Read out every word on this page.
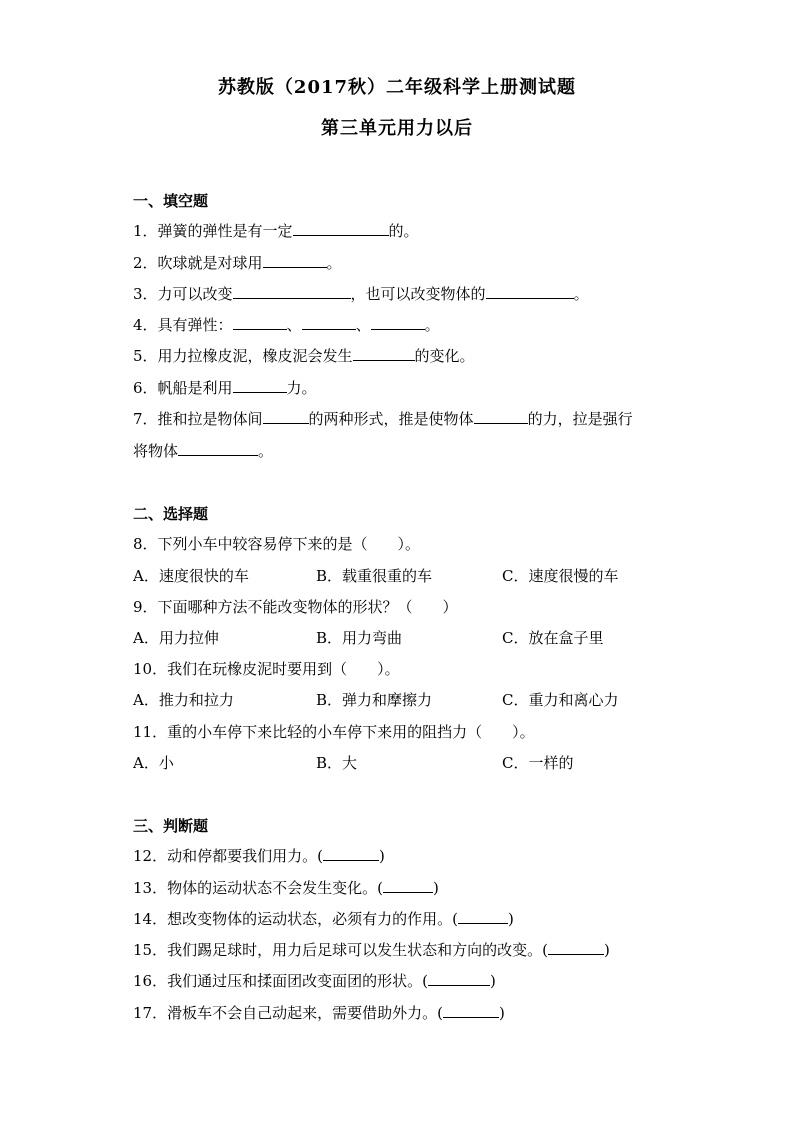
苏教版（2017秋）二年级科学上册测试题
第三单元用力以后
一、填空题
1．弹簧的弹性是有一定	的。
2．吹球就是对球用	。
3．力可以改变	，也可以改变物体的	。
4．具有弹性：	、	、	。
5．用力拉橡皮泥，橡皮泥会发生	的变化。
6．帆船是利用	力。
7．推和拉是物体间	的两种形式，推是使物体	的力，拉是强行
将物体	。
二、选择题
8．下列小车中较容易停下来的是（　　）。
A．速度很快的车	B．载重很重的车	C．速度很慢的车
9．下面哪种方法不能改变物体的形状？（　　）
A．用力拉伸	B．用力弯曲	C．放在盒子里
10．我们在玩橡皮泥时要用到（　　）。
A．推力和拉力	B．弹力和摩擦力	C．重力和离心力
11．重的小车停下来比轻的小车停下来用的阻挡力（　　）。
A．小	B．大	C．一样的
三、判断题
12．动和停都要我们用力。(	)
13．物体的运动状态不会发生变化。(	)
14．想改变物体的运动状态，必须有力的作用。(	)
15．我们踢足球时，用力后足球可以发生状态和方向的改变。(	)
16．我们通过压和揉面团改变面团的形状。(	)
17．滑板车不会自己动起来，需要借助外力。(	)
